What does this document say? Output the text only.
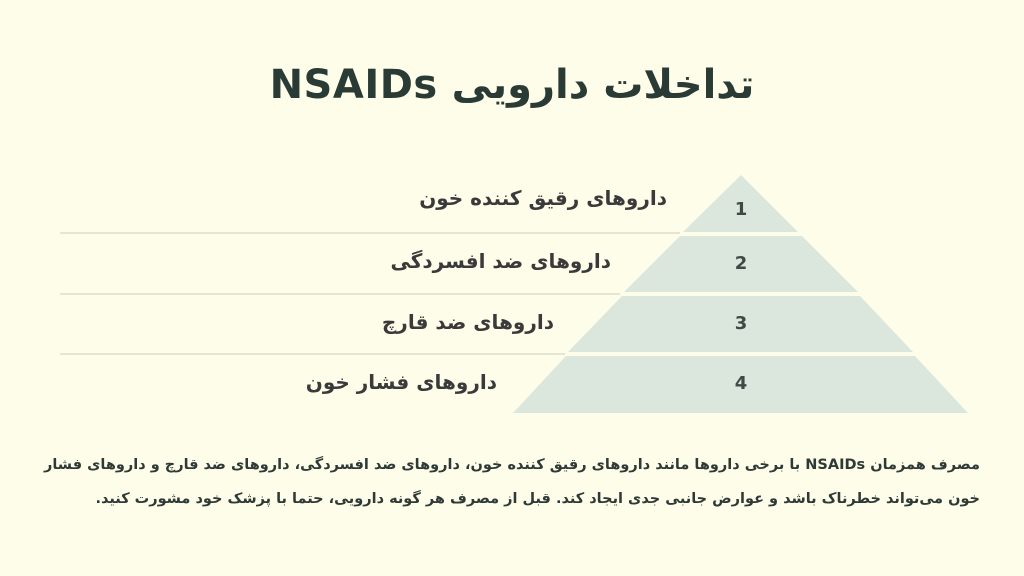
تداخلات دارویی NSAIDs
داروهای رقیق کننده خون
داروهای ضد افسردگی
داروهای ضد قارچ
داروهای فشار خون
1
2
3
4
مصرف همزمان NSAIDs با برخی داروها مانند داروهای رقیق کننده خون، داروهای ضد افسردگی، داروهای ضد قارچ و داروهای فشار خون می‌تواند خطرناک باشد و عوارض جانبی جدی ایجاد کند. قبل از مصرف هر گونه دارویی، حتما با پزشک خود مشورت کنید.
